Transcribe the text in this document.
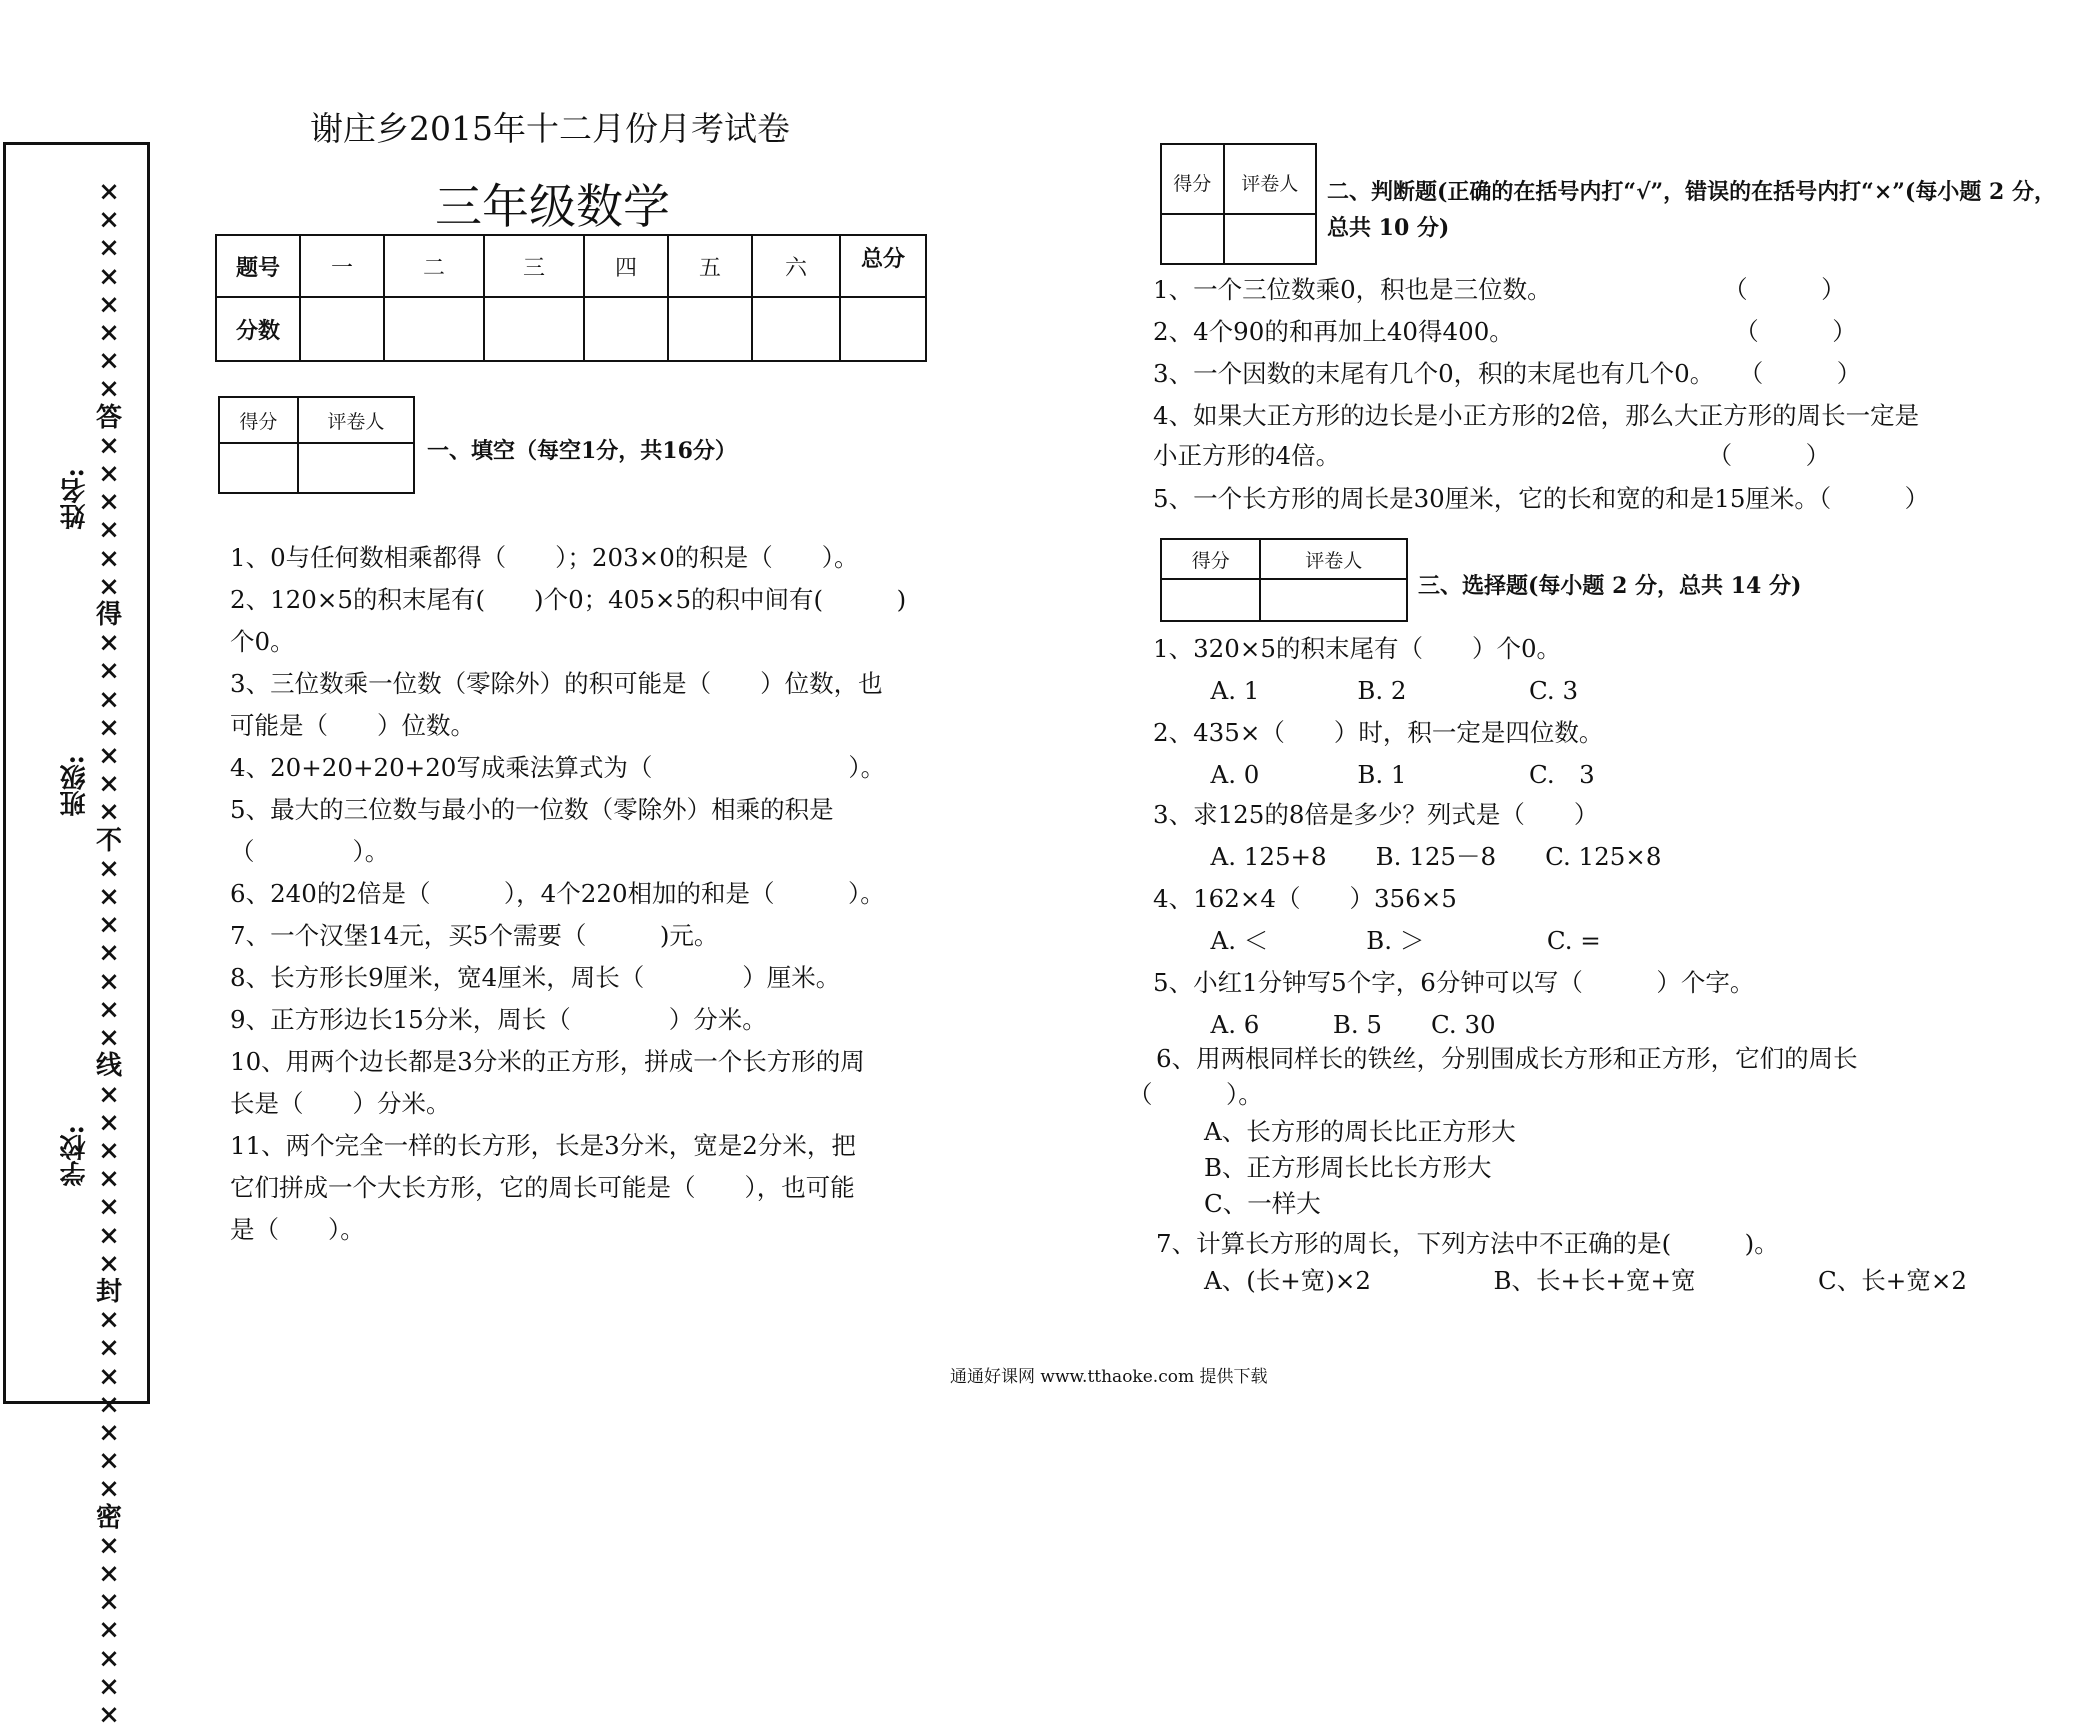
×
×
×
×
×
×
×
×
答
×
×
×
×
×
×
得
×
×
×
×
×
×
×
不
×
×
×
×
×
×
×
线
×
×
×
×
×
×
×
封
×
×
×
×
×
×
×
密
×
×
×
×
×
×
×
姓名:
班级:
学校:
谢庄乡2015年十二月份月考试卷
三年级数学
题号	一	二	三	四	五	六	总分
分数							
得分	评卷人

一、填空（每空1分，共16分）
1、0与任何数相乘都得（　　）；203×0的积是（　　）。
2、120×5的积末尾有(　　)个0；405×5的积中间有(　　　)
个0。
3、三位数乘一位数（零除外）的积可能是（　　）位数，也
可能是（　　）位数。
4、20+20+20+20写成乘法算式为（　　　　　　　　）。
5、最大的三位数与最小的一位数（零除外）相乘的积是
（　　　　）。
6、240的2倍是（　　　），4个220相加的和是（　　　）。
7、一个汉堡14元，买5个需要（　　　)元。
8、长方形长9厘米，宽4厘米，周长（　　　　）厘米。
9、正方形边长15分米，周长（　　　　）分米。
10、用两个边长都是3分米的正方形，拼成一个长方形的周
长是（　　）分米。
11、两个完全一样的长方形，长是3分米，宽是2分米，把
它们拼成一个大长方形，它的周长可能是（　　），也可能
是（　　）。
得分	评卷人
	二、判断题(正确的在括号内打“√”，错误的在括号内打“×”(每小题 2 分，
总共 10 分)
1、一个三位数乘0，积也是三位数。　　　　　　　　（　　　）
2、4个90的和再加上40得400。　　　　　　　　　　（　　　）
3、一个因数的末尾有几个0，积的末尾也有几个0。　　（　　　）
4、如果大正方形的边长是小正方形的2倍，那么大正方形的周长一定是
小正方形的4倍。　　　　　　　　　　　　　　　　（　　　）
5、一个长方形的周长是30厘米，它的长和宽的和是15厘米。（　　　）
得分	评卷人

三、选择题(每小题 2 分，总共 14 分)
1、320×5的积末尾有（　　）个0。
　A. 1　　　　B. 2　　　　　C. 3
2、435×（　　）时，积一定是四位数。
　A. 0　　　　B. 1　　　　　C.　3
3、求125的8倍是多少？列式是（　　）
　A. 125+8　　B. 125－8　　C. 125×8
4、162×4（　　）356×5
　A. ＜　　　　B. ＞　　　　　C. =
5、小红1分钟写5个字，6分钟可以写（　　　）个字。
　A. 6　　　B. 5　　C. 30
6、用两根同样长的铁丝，分别围成长方形和正方形，它们的周长
（　　　）。
A、长方形的周长比正方形大
B、正方形周长比长方形大
C、一样大
7、计算长方形的周长，下列方法中不正确的是(　　　)。
A、(长+宽)×2　　　　　B、长+长+宽+宽　　　　　C、长+宽×2
通通好课网 www.tthaoke.com 提供下载
